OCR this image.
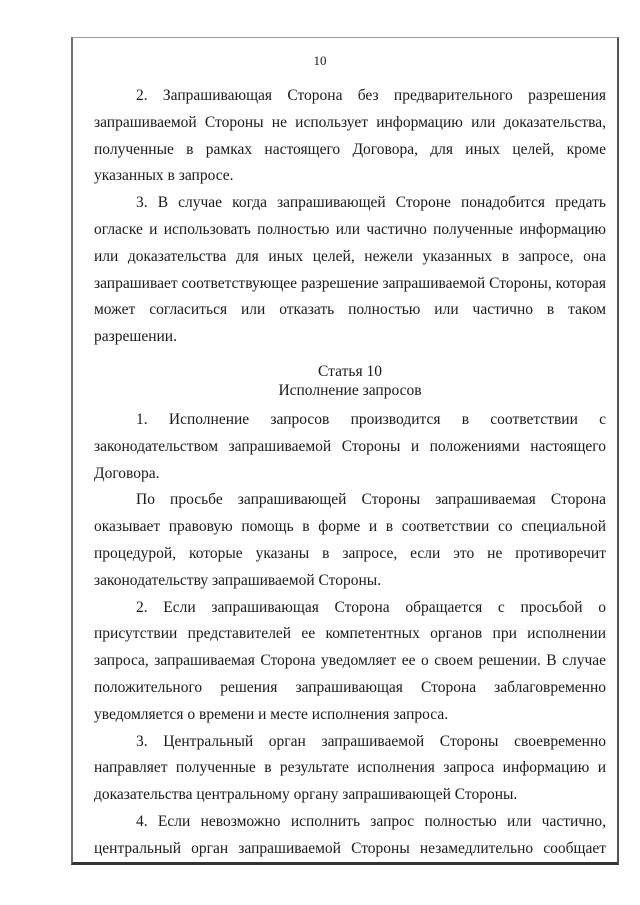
10

2. Запрашивающая Сторона без предварительного разрешения запрашиваемой Стороны не использует информацию или доказательства, полученные в рамках настоящего Договора, для иных целей, кроме указанных в запросе.

3. В случае когда запрашивающей Стороне понадобится предать огласке и использовать полностью или частично полученные информацию или доказательства для иных целей, нежели указанных в запросе, она запрашивает соответствующее разрешение запрашиваемой Стороны, которая может согласиться или отказать полностью или частично в таком разрешении.

Статья 10
Исполнение запросов

1. Исполнение запросов производится в соответствии с законодательством запрашиваемой Стороны и положениями настоящего Договора.

По просьбе запрашивающей Стороны запрашиваемая Сторона оказывает правовую помощь в форме и в соответствии со специальной процедурой, которые указаны в запросе, если это не противоречит законодательству запрашиваемой Стороны.

2. Если запрашивающая Сторона обращается с просьбой о присутствии представителей ее компетентных органов при исполнении запроса, запрашиваемая Сторона уведомляет ее о своем решении. В случае положительного решения запрашивающая Сторона заблаговременно уведомляется о времени и месте исполнения запроса.

3. Центральный орган запрашиваемой Стороны своевременно направляет полученные в результате исполнения запроса информацию и доказательства центральному органу запрашивающей Стороны.

4. Если невозможно исполнить запрос полностью или частично, центральный орган запрашиваемой Стороны незамедлительно сообщает
